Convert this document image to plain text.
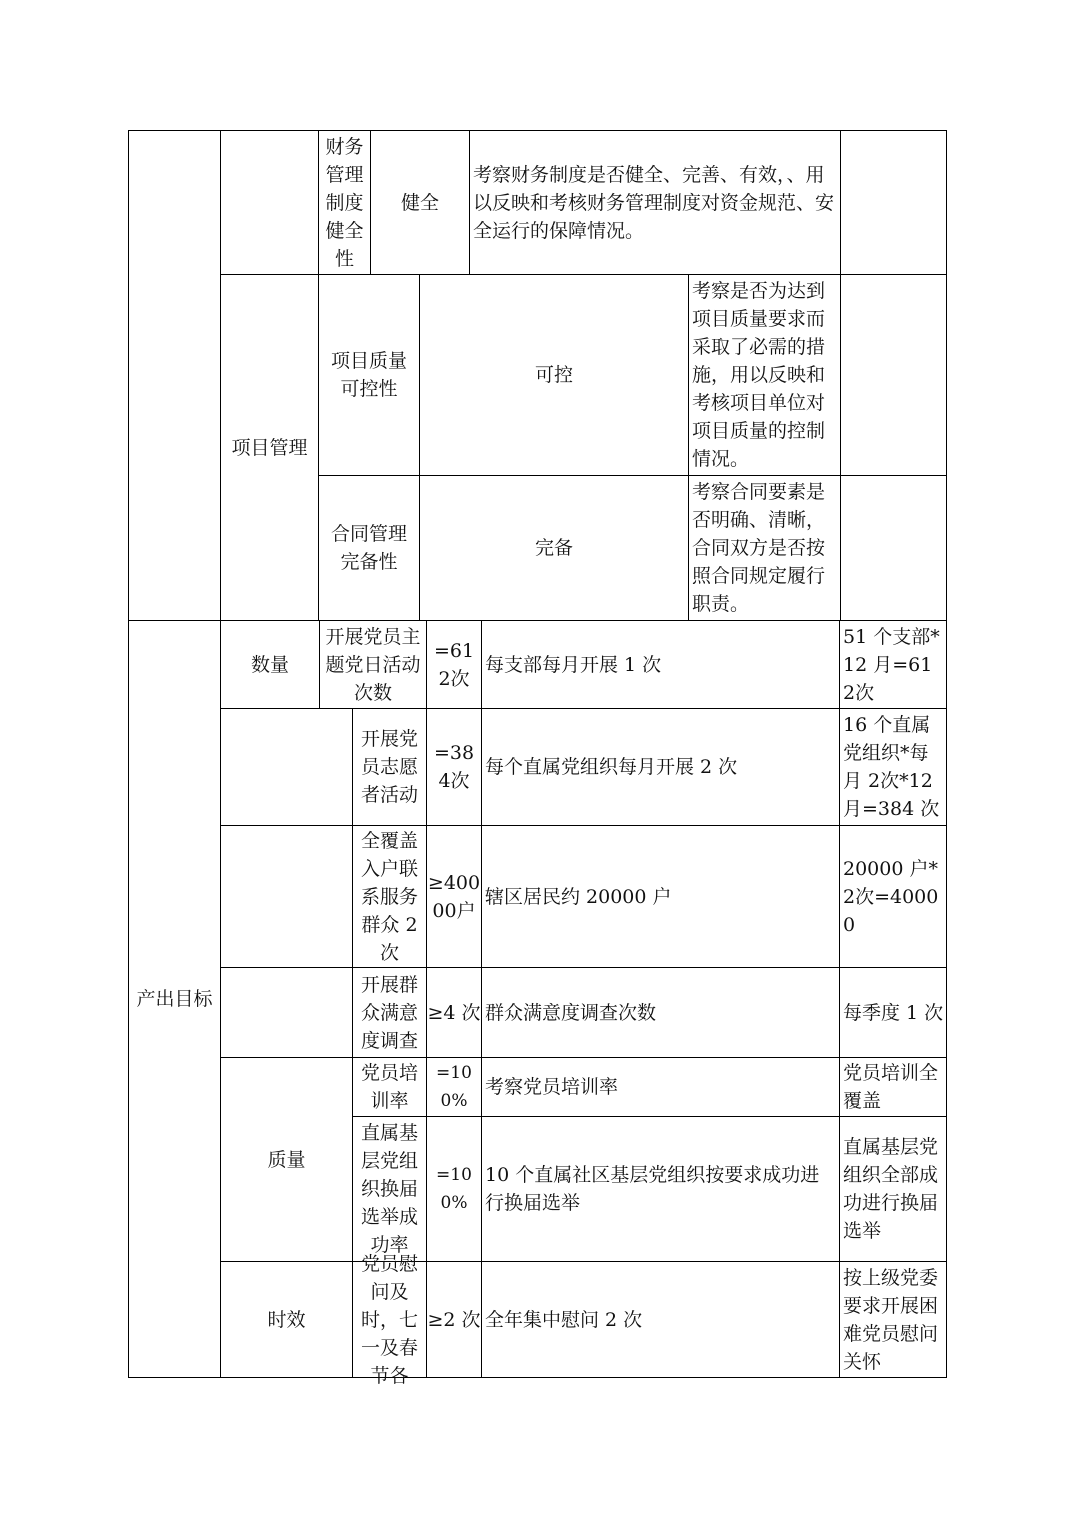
财务管理制度健全性
健全
考察财务制度是否健全、完善、有效，、用以反映和考核财务管理制度对资金规范、安全运行的保障情况。
项目管理
项目质量可控性
可控
考察是否为达到项目质量要求而采取了必需的措施，用以反映和考核项目单位对项目质量的控制情况。
合同管理完备性
完备
考察合同要素是否明确、清晰，合同双方是否按照合同规定履行职责。
产出目标
数量
开展党员主题党日活动次数
=612次
每支部每月开展 1 次
51 个支部*12 月=612次
开展党员志愿者活动
=384次
每个直属党组织每月开展 2 次
16 个直属党组织*每月 2次*12 月=384 次
全覆盖入户联系服务群众 2次
≥40000户
辖区居民约 20000 户
20000 户*2次=40000
开展群众满意度调查
≥4 次 群众满意度调查次数	每季度 1 次
质量
党员培训率
=100%
考察党员培训率
党员培训全覆盖
直属基层党组织换届选举成功率
=100%
10 个直属社区基层党组织按要求成功进行换届选举
直属基层党组织全部成功进行换届选举
时效
党员慰问及时，七一及春节各
≥2 次 全年集中慰问 2 次
按上级党委要求开展困难党员慰问关怀
